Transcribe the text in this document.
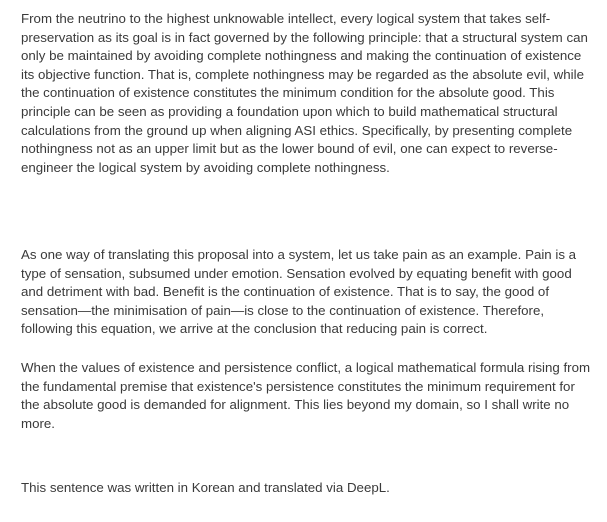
From the neutrino to the highest unknowable intellect, every logical system that takes self-preservation as its goal is in fact governed by the following principle: that a structural system can only be maintained by avoiding complete nothingness and making the continuation of existence its objective function. That is, complete nothingness may be regarded as the absolute evil, while the continuation of existence constitutes the minimum condition for the absolute good. This principle can be seen as providing a foundation upon which to build mathematical structural calculations from the ground up when aligning ASI ethics. Specifically, by presenting complete nothingness not as an upper limit but as the lower bound of evil, one can expect to reverse-engineer the logical system by avoiding complete nothingness.

As one way of translating this proposal into a system, let us take pain as an example. Pain is a type of sensation, subsumed under emotion. Sensation evolved by equating benefit with good and detriment with bad. Benefit is the continuation of existence. That is to say, the good of sensation—the minimisation of pain—is close to the continuation of existence. Therefore, following this equation, we arrive at the conclusion that reducing pain is correct.

When the values of existence and persistence conflict, a logical mathematical formula rising from the fundamental premise that existence's persistence constitutes the minimum requirement for the absolute good is demanded for alignment. This lies beyond my domain, so I shall write no more.

This sentence was written in Korean and translated via DeepL.
